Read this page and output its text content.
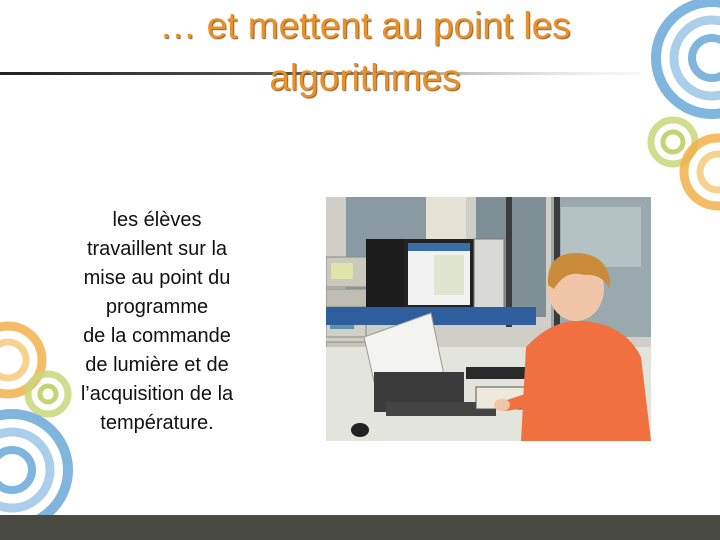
… et mettent au point les
algorithmes
les élèves
travaillent sur la
mise au point du
programme
de la commande
de lumière et de
l’acquisition de la
température.
